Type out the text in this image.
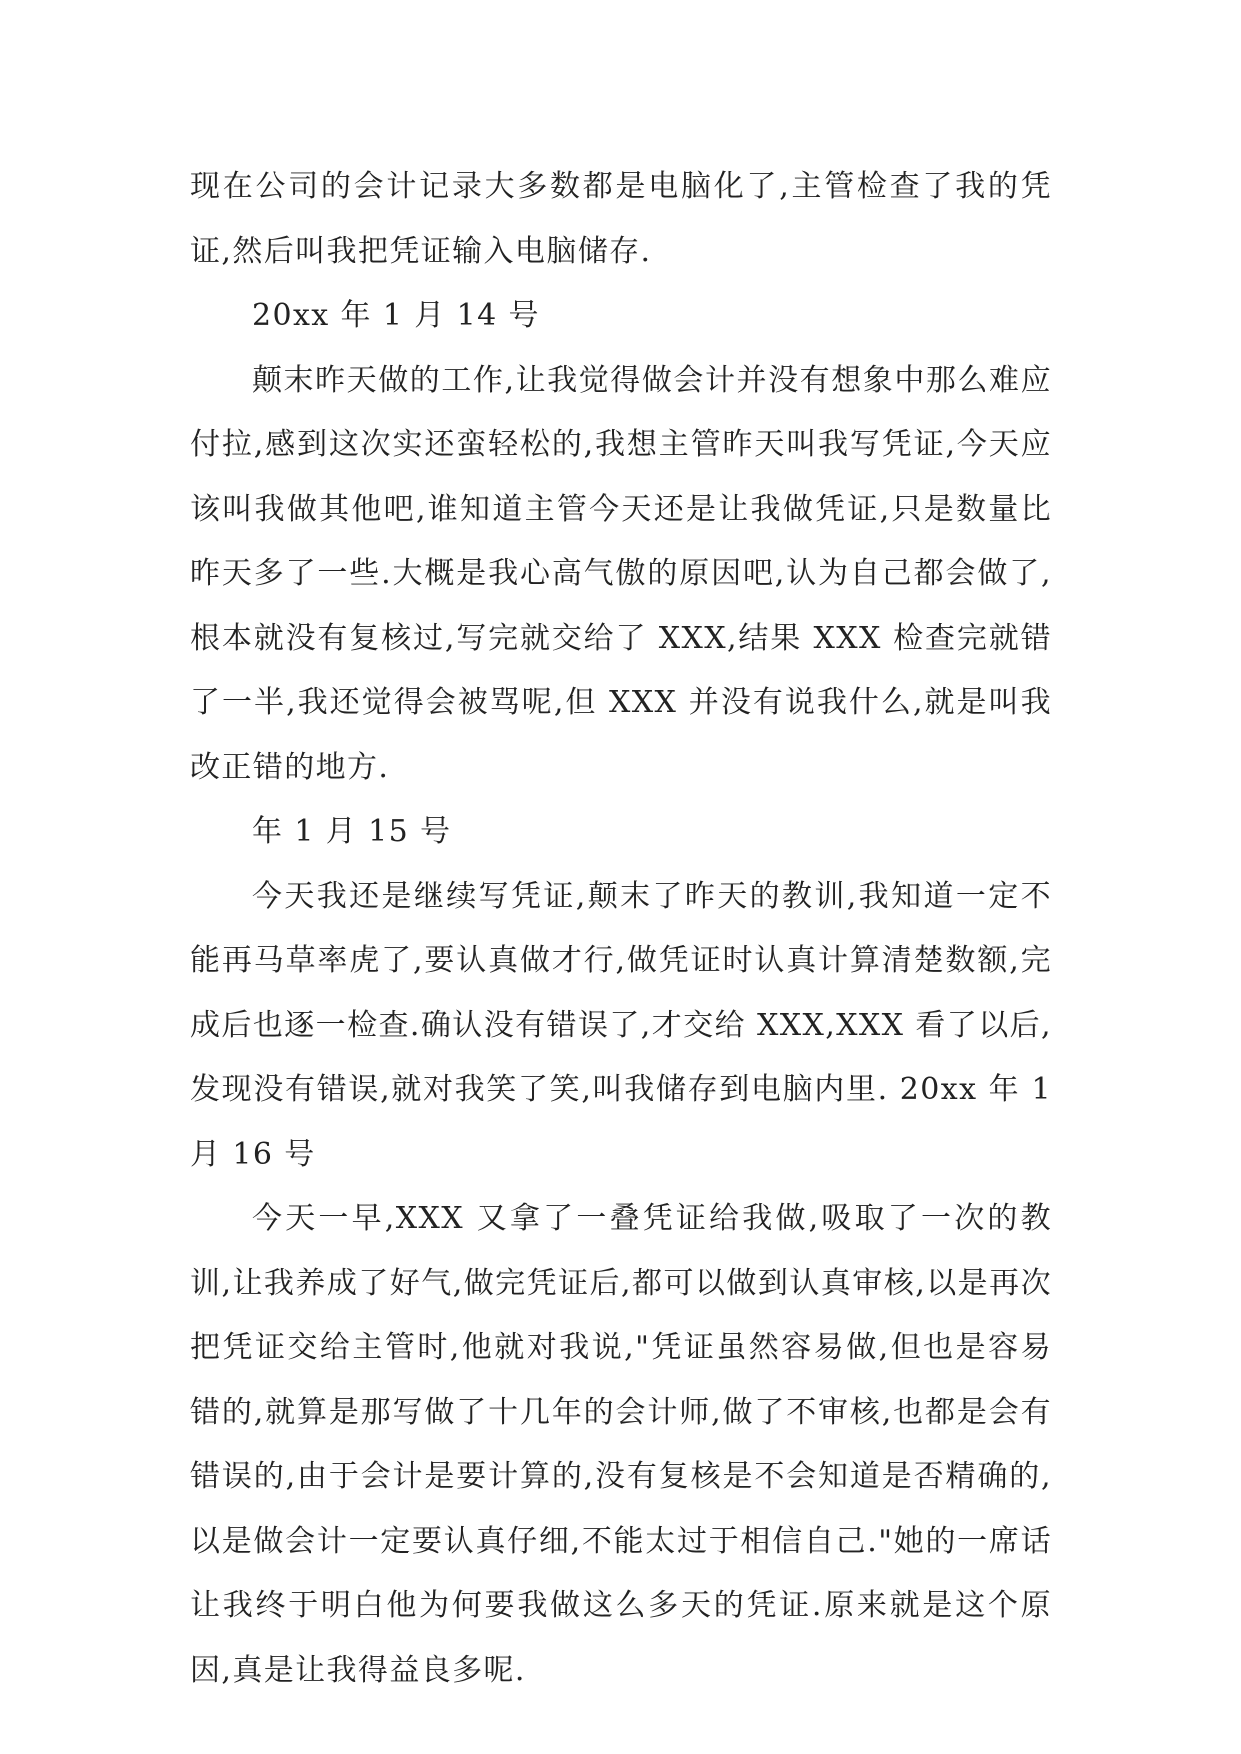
现在公司的会计记录大多数都是电脑化了,主管检查了我的凭证,然后叫我把凭证输入电脑储存.

20xx 年 1 月 14 号

颠末昨天做的工作,让我觉得做会计并没有想象中那么难应付拉,感到这次实还蛮轻松的,我想主管昨天叫我写凭证,今天应该叫我做其他吧,谁知道主管今天还是让我做凭证,只是数量比昨天多了一些.大概是我心高气傲的原因吧,认为自己都会做了,根本就没有复核过,写完就交给了 XXX,结果 XXX 检查完就错了一半,我还觉得会被骂呢,但 XXX 并没有说我什么,就是叫我改正错的地方.

年 1 月 15 号

今天我还是继续写凭证,颠末了昨天的教训,我知道一定不能再马草率虎了,要认真做才行,做凭证时认真计算清楚数额,完成后也逐一检查.确认没有错误了,才交给 XXX,XXX 看了以后,发现没有错误,就对我笑了笑,叫我储存到电脑内里. 20xx 年 1 月 16 号

今天一早,XXX 又拿了一叠凭证给我做,吸取了一次的教训,让我养成了好气,做完凭证后,都可以做到认真审核,以是再次把凭证交给主管时,他就对我说,"凭证虽然容易做,但也是容易错的,就算是那写做了十几年的会计师,做了不审核,也都是会有错误的,由于会计是要计算的,没有复核是不会知道是否精确的,以是做会计一定要认真仔细,不能太过于相信自己."她的一席话让我终于明白他为何要我做这么多天的凭证.原来就是这个原因,真是让我得益良多呢.
